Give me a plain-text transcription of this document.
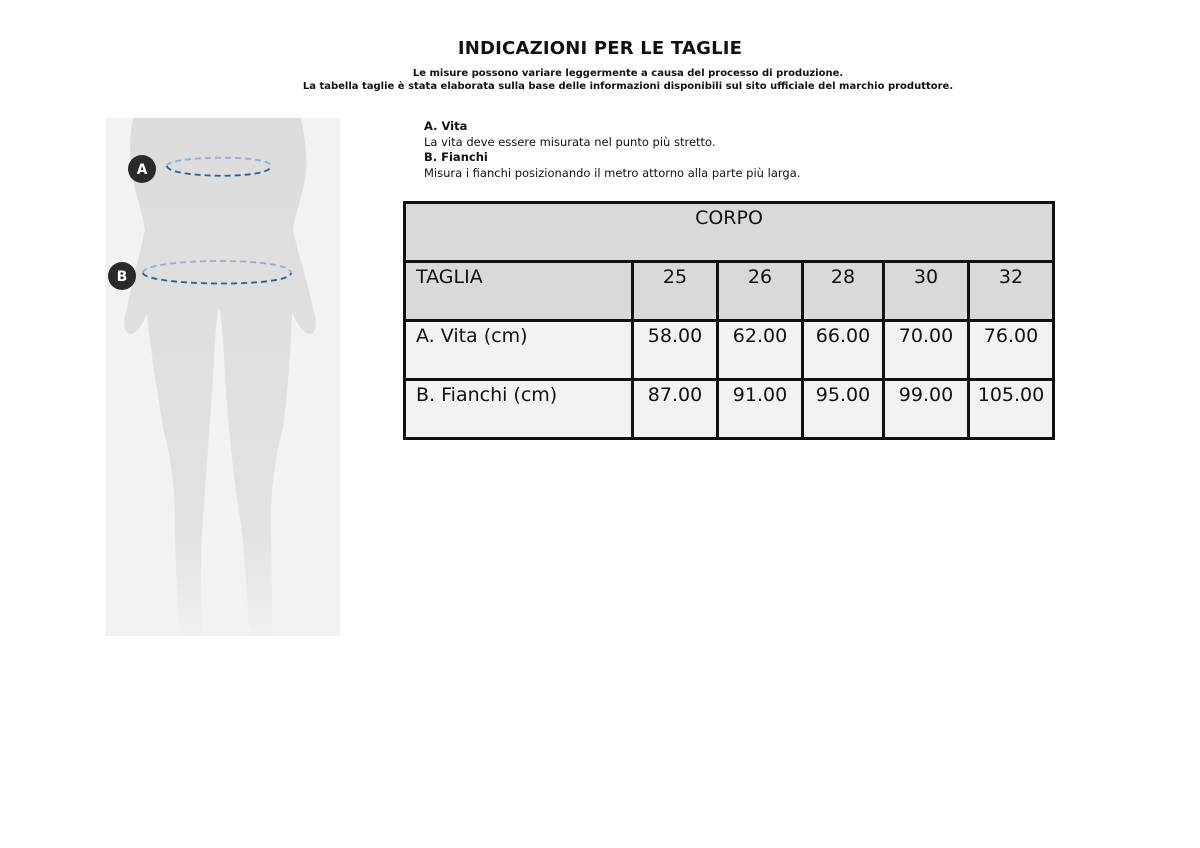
INDICAZIONI PER LE TAGLIE
Le misure possono variare leggermente a causa del processo di produzione.
La tabella taglie è stata elaborata sulla base delle informazioni disponibili sul sito ufficiale del marchio produttore.
A
B
A. Vita
La vita deve essere misurata nel punto più stretto.
B. Fianchi
Misura i fianchi posizionando il metro attorno alla parte più larga.
CORPO					
TAGLIA	25	26	28	30	32
A. Vita (cm)	58.00	62.00	66.00	70.00	76.00
B. Fianchi (cm)	87.00	91.00	95.00	99.00	105.00
